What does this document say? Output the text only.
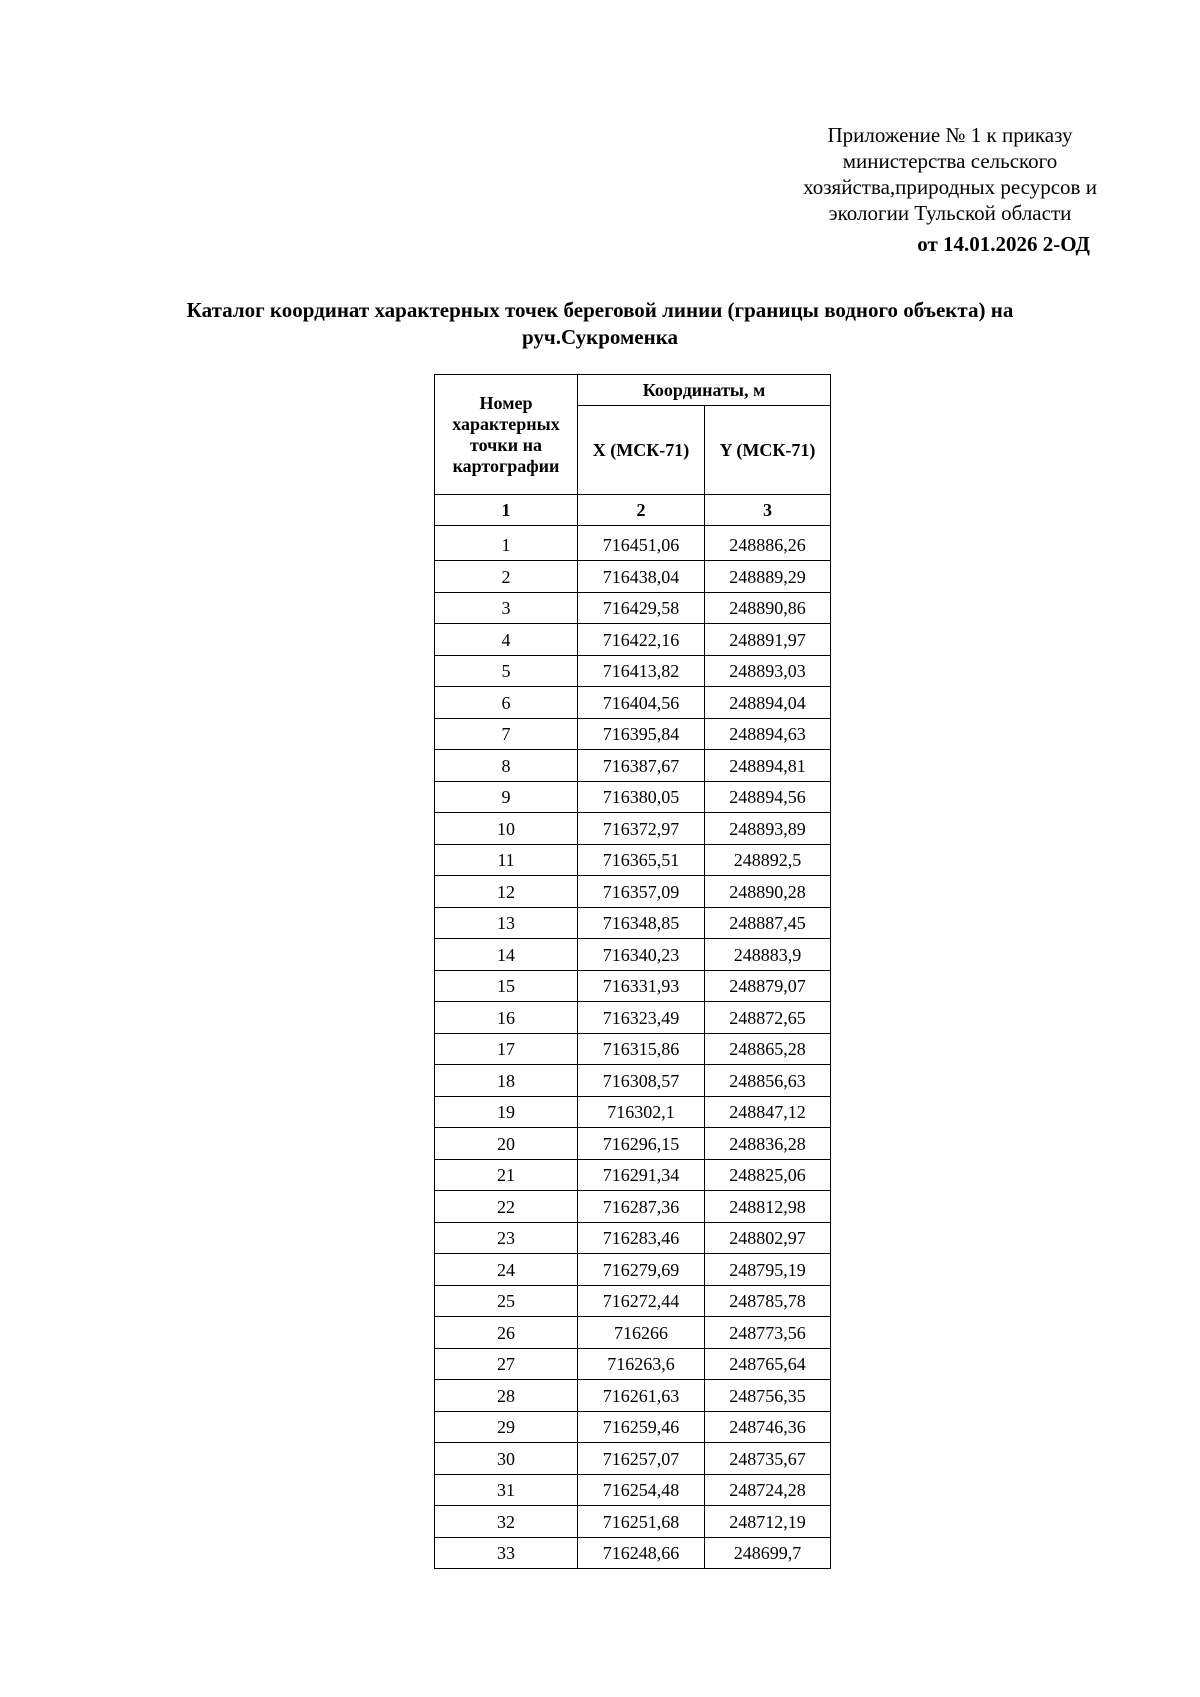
Приложение № 1 к приказу
министерства сельского
хозяйства,природных ресурсов и
экологии Тульской области
от 14.01.2026 2-ОД
Каталог координат характерных точек береговой линии (границы водного объекта) на
руч.Сукроменка
Номер
характерных
точки на
картографии	Координаты, м	
	X (МСК-71)	Y (МСК-71)
1	2	3
1	716451,06	248886,26
2	716438,04	248889,29
3	716429,58	248890,86
4	716422,16	248891,97
5	716413,82	248893,03
6	716404,56	248894,04
7	716395,84	248894,63
8	716387,67	248894,81
9	716380,05	248894,56
10	716372,97	248893,89
11	716365,51	248892,5
12	716357,09	248890,28
13	716348,85	248887,45
14	716340,23	248883,9
15	716331,93	248879,07
16	716323,49	248872,65
17	716315,86	248865,28
18	716308,57	248856,63
19	716302,1	248847,12
20	716296,15	248836,28
21	716291,34	248825,06
22	716287,36	248812,98
23	716283,46	248802,97
24	716279,69	248795,19
25	716272,44	248785,78
26	716266	248773,56
27	716263,6	248765,64
28	716261,63	248756,35
29	716259,46	248746,36
30	716257,07	248735,67
31	716254,48	248724,28
32	716251,68	248712,19
33	716248,66	248699,7
